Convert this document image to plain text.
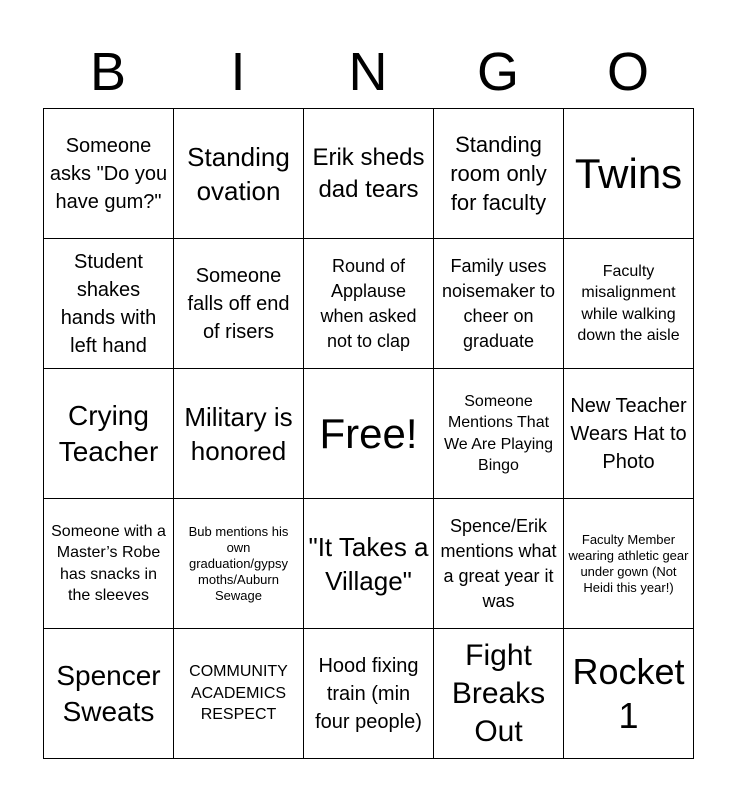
B	I	N	G	O
Someone asks "Do you have gum?"	Standing ovation	Erik sheds dad tears	Standing room only for faculty	Twins

Student shakes hands with left hand	Someone falls off end of risers	Round of Applause when asked not to clap	Family uses noisemaker to cheer on graduate	Faculty misalignment while walking down the aisle

Crying Teacher	Military is honored	Free!	Someone Mentions That We Are Playing Bingo	New Teacher Wears Hat to Photo

Someone with a Master’s Robe has snacks in the sleeves	Bub mentions his own graduation/gypsy moths/Auburn Sewage	"It Takes a Village"	Spence/Erik mentions what a great year it was	Faculty Member wearing athletic gear under gown (Not Heidi this year!)

Spencer Sweats	COMMUNITY ACADEMICS RESPECT	Hood fixing train (min four people)	Fight Breaks Out	Rocket 1
